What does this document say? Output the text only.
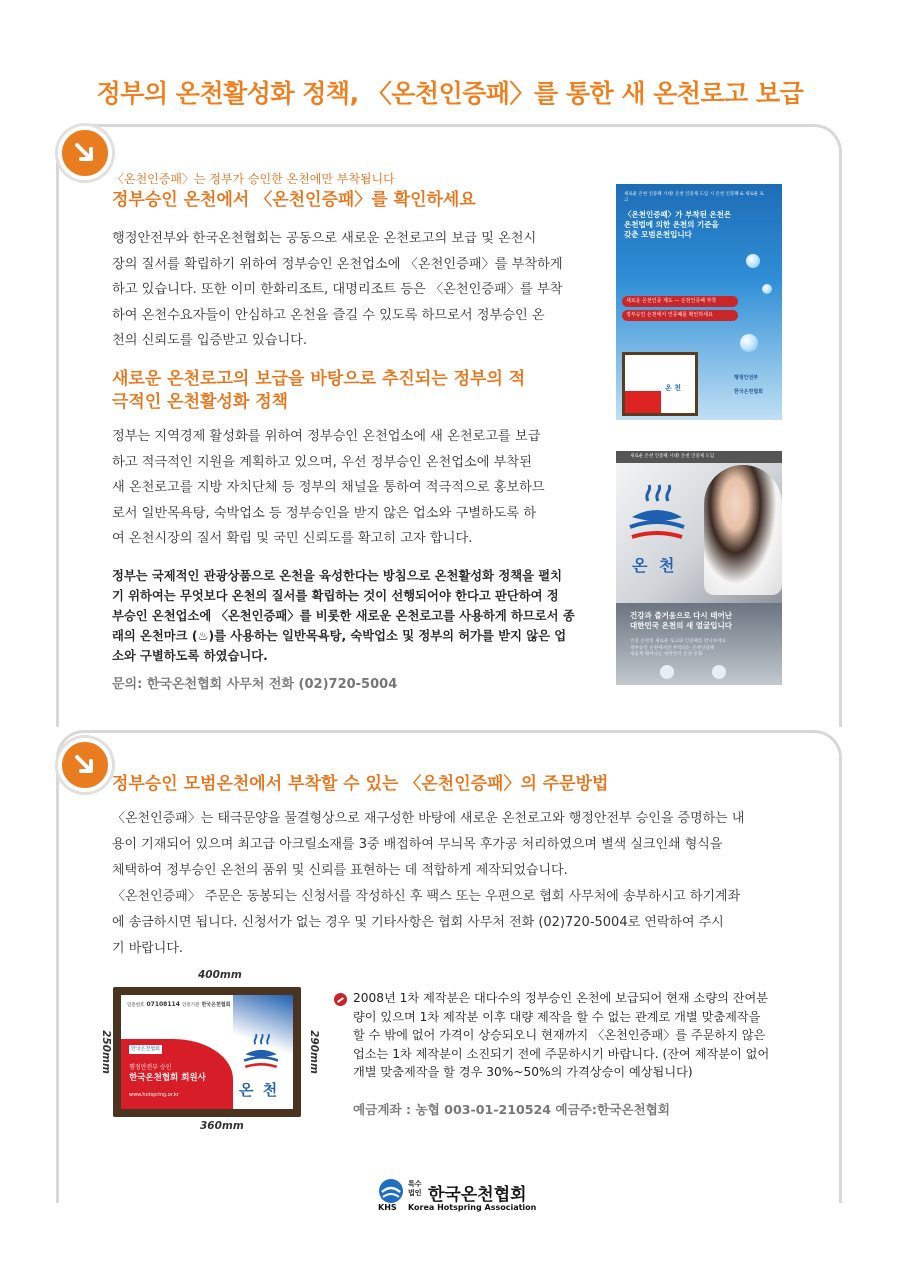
정부의 온천활성화 정책, 〈온천인증패〉를 통한 새 온천로고 보급
〈온천인증패〉는 정부가 승인한 온천에만 부착됩니다
정부승인 온천에서 〈온천인증패〉를 확인하세요
행정안전부와 한국온천협회는 공동으로 새로운 온천로고의 보급 및 온천시
장의 질서를 확립하기 위하여 정부승인 온천업소에 〈온천인증패〉를 부착하게
하고 있습니다. 또한 이미 한화리조트, 대명리조트 등은 〈온천인증패〉를 부착
하여 온천수요자들이 안심하고 온천을 즐길 수 있도록 하므로서 정부승인 온
천의 신뢰도를 입증받고 있습니다.
새로운 온천로고의 보급을 바탕으로 추진되는 정부의 적
극적인 온천활성화 정책
정부는 지역경제 활성화를 위하여 정부승인 온천업소에 새 온천로고를 보급
하고 적극적인 지원을 계획하고 있으며, 우선 정부승인 온천업소에 부착된
새 온천로고를 지방 자치단체 등 정부의 채널을 통하여 적극적으로 홍보하므
로서 일반목욕탕, 숙박업소 등 정부승인을 받지 않은 업소와 구별하도록 하
여 온천시장의 질서 확립 및 국민 신뢰도를 확고히 고자 합니다.
정부는 국제적인 관광상품으로 온천을 육성한다는 방침으로 온천활성화 정책을 펼치
기 위하여는 무엇보다 온천의 질서를 확립하는 것이 선행되어야 한다고 판단하여 정
부승인 온천업소에 〈온천인증패〉를 비롯한 새로운 온천로고를 사용하게 하므로서 종
래의 온천마크 (♨)를 사용하는 일반목욕탕, 숙박업소 및 정부의 허가를 받지 않은 업
소와 구별하도록 하였습니다.
문의: 한국온천협회 사무처 전화 (02)720-5004
새로운 온천 인증패 시대! 온천 인증제 도입 시 온천 인증패 & 새로운 로고
〈온천인증패〉가 부착된 온천은
온천법에 의한 온천의 기준을
갖춘 모범온천입니다
새로운 온천인증 제도 — 온천인증패 부착
정부승인 온천에서 인증패를 확인하세요
온 천
행정안전부
한국온천협회
새로운 온천 인증패 시대! 온천 인증제 도입
온 천
건강과 즐거움으로 다시 태어난
대한민국 온천의 새 얼굴입니다
인증 온천의 새로운 로고와 인증패를 만나보세요
정부승인 온천에서만 부착되는 온천인증패
새롭게 태어나는 대한민국 온천 문화
정부승인 모범온천에서 부착할 수 있는 〈온천인증패〉의 주문방법
〈온천인증패〉는 태극문양을 물결형상으로 재구성한 바탕에 새로운 온천로고와 행정안전부 승인을 증명하는 내
용이 기재되어 있으며 최고급 아크릴소재를 3중 배접하여 무늬목 후가공 처리하였으며 별색 실크인쇄 형식을
체택하여 정부승인 온천의 품위 및 신뢰를 표현하는 데 적합하게 제작되었습니다.
〈온천인증패〉 주문은 동봉되는 신청서를 작성하신 후 팩스 또는 우편으로 협회 사무처에 송부하시고 하기계좌
에 송금하시면 됩니다. 신청서가 없는 경우 및 기타사항은 협회 사무처 전화 (02)720-5004로 연락하여 주시
기 바랍니다.
400mm
360mm
250mm	290mm
인증번호 07108114 인증기관 한국온천협회
한국온천협회
행정안전부 승인
한국온천협회 회원사
www.hotspring.or.kr	온 천
2008년 1차 제작분은 대다수의 정부승인 온천에 보급되어 현재 소량의 잔여분
량이 있으며 1차 제작분 이후 대량 제작을 할 수 없는 관계로 개별 맞춤제작을
할 수 밖에 없어 가격이 상승되오니 현재까지 〈온천인증패〉를 주문하지 않은
업소는 1차 제작분이 소진되기 전에 주문하시기 바랍니다. (잔여 제작분이 없어
개별 맞춤제작을 할 경우 30%~50%의 가격상승이 예상됩니다)
예금계좌 : 농협 003-01-210524 예금주:한국온천협회
특수
법인 한국온천협회
KHS Korea Hotspring Association
